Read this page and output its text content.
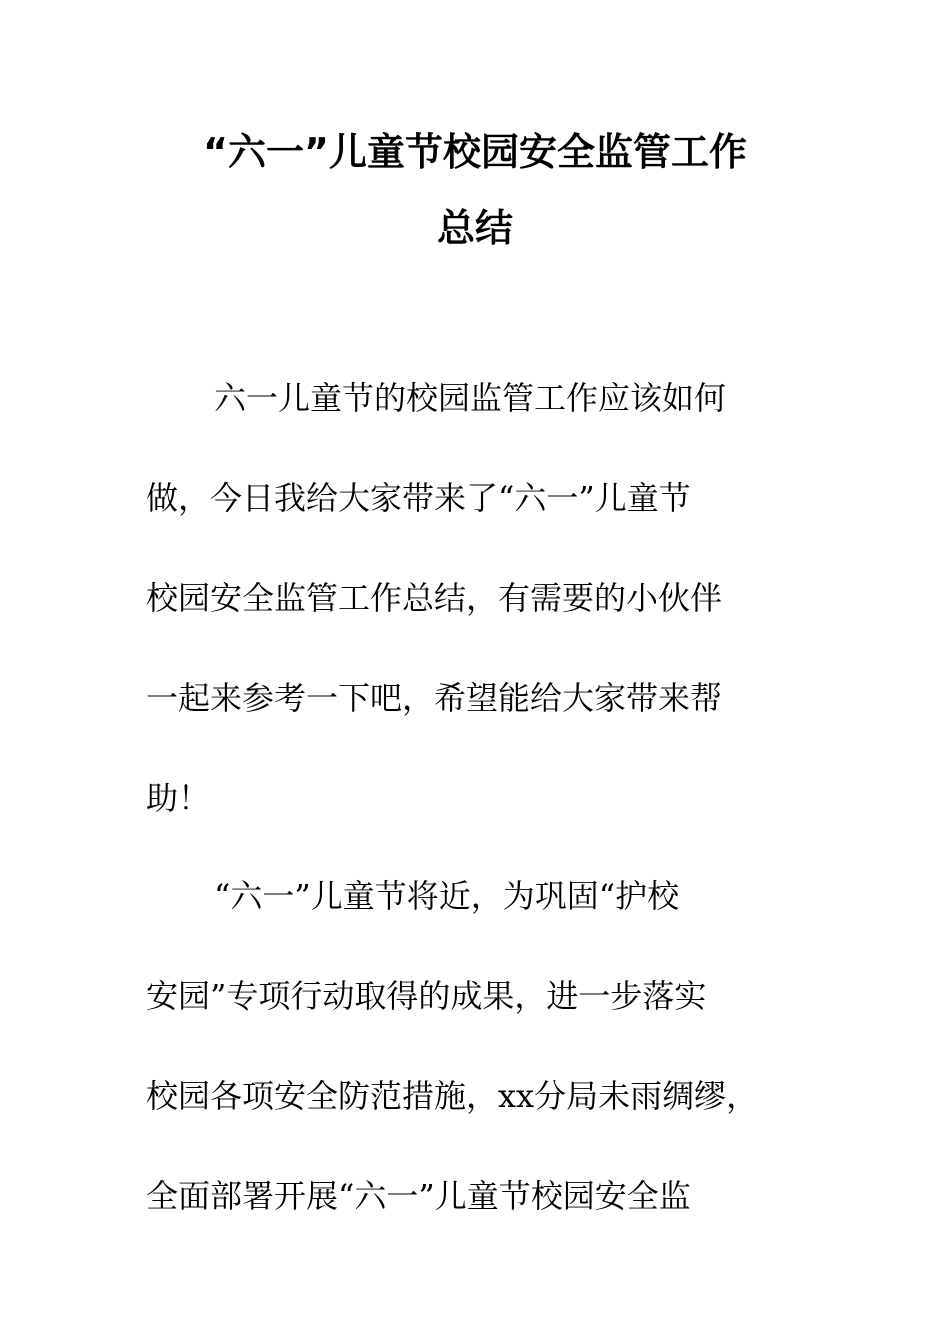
“六一”儿童节校园安全监管工作
总结
六一儿童节的校园监管工作应该如何
做，今日我给大家带来了“六一”儿童节
校园安全监管工作总结，有需要的小伙伴
一起来参考一下吧，希望能给大家带来帮
助！
“六一”儿童节将近，为巩固“护校
安园”专项行动取得的成果，进一步落实
校园各项安全防范措施，xx分局未雨绸缪，
全面部署开展“六一”儿童节校园安全监
